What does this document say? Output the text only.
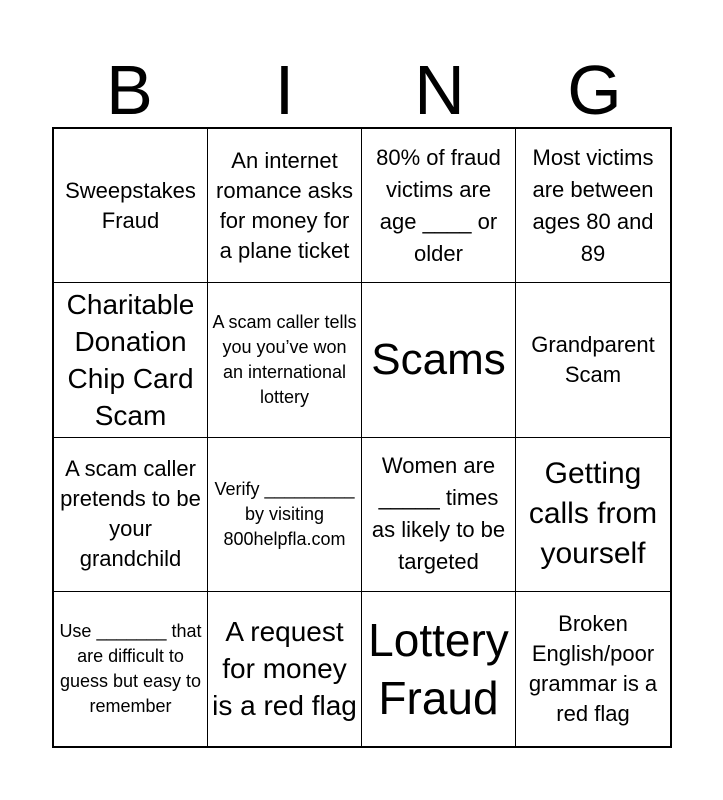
B	I	N	G
Sweepstakes Fraud
An internet romance asks for money for a plane ticket
80% of fraud victims are age ____ or older
Most victims are between ages 80 and 89
Charitable Donation Chip Card Scam
A scam caller tells you you’ve won an international lottery
Scams	Grandparent Scam
A scam caller pretends to be your grandchild
Verify _________ by visiting 800helpfla.com
Women are _____ times as likely to be targeted
Getting calls from yourself
Use _______ that are difficult to guess but easy to remember
A request for money is a red flag
Lottery Fraud
Broken English/poor grammar is a red flag
